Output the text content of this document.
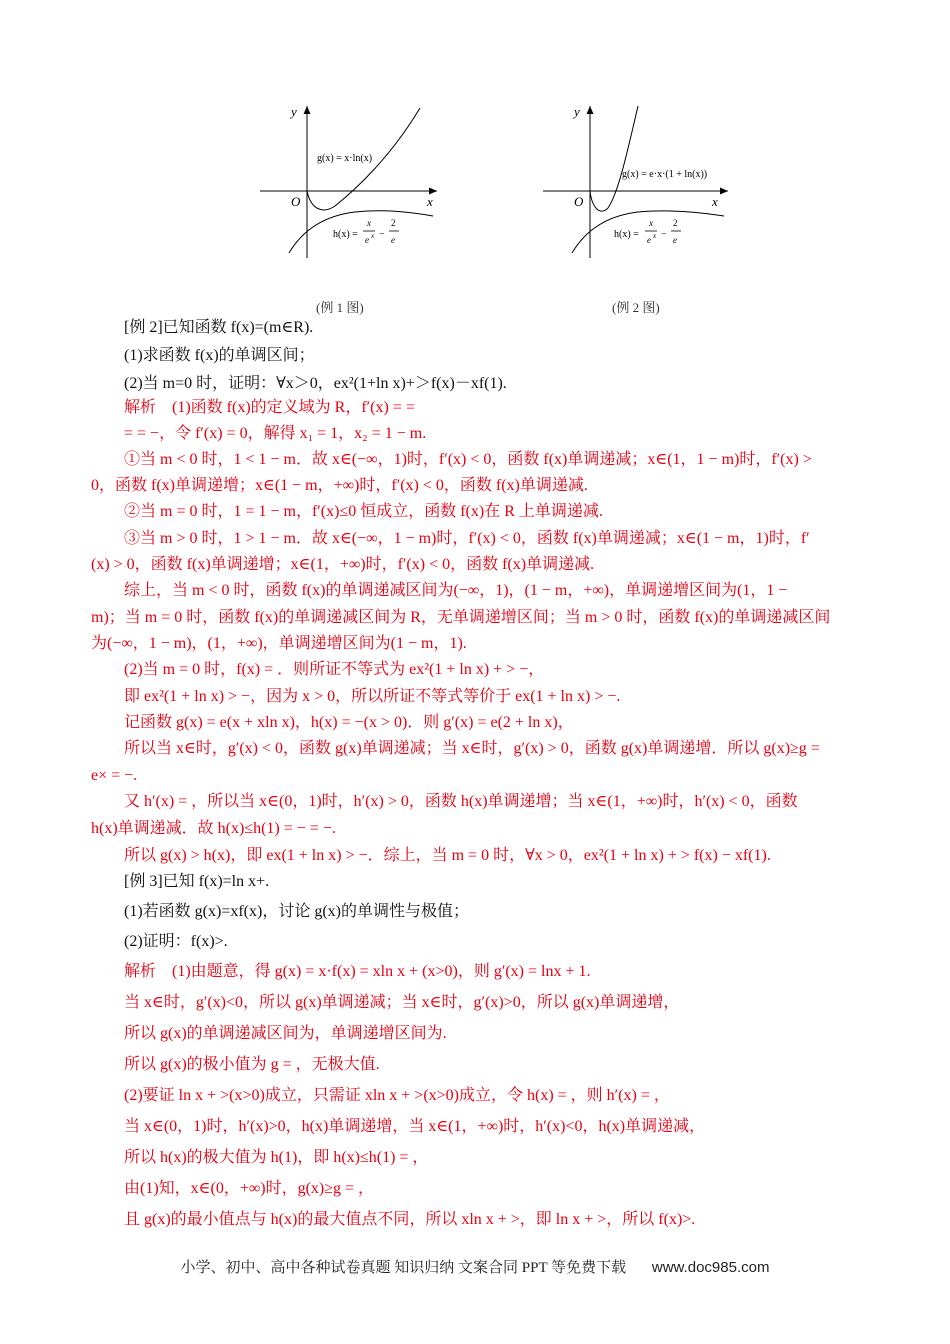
y
x
O
g(x) = x·ln(x)
h(x) =
x
e x −
2
e
(例 1 图)
y
x
O
g(x) = e·x·(1 + ln(x))
h(x) =
x
e x −
2
e
(例 2 图)
[例 2]已知函数 f(x)=(m∈R).
(1)求函数 f(x)的单调区间；
(2)当 m=0 时，证明：∀x＞0，ex²(1+ln x)+＞f(x)－xf(1).
解析　(1)函数 f(x)的定义域为 R，f′(x) = =
= = −，令 f′(x) = 0，解得 x₁ = 1，x₂ = 1 − m.
①当 m < 0 时，1 < 1 − m．故 x∈(−∞，1)时，f′(x) < 0，函数 f(x)单调递减；x∈(1，1 − m)时，f′(x) >
0，函数 f(x)单调递增；x∈(1 − m，+∞)时，f′(x) < 0，函数 f(x)单调递减.
②当 m = 0 时，1 = 1 − m，f′(x)≤0 恒成立，函数 f(x)在 R 上单调递减.
③当 m > 0 时，1 > 1 − m．故 x∈(−∞，1 − m)时，f′(x) < 0，函数 f(x)单调递减；x∈(1 − m，1)时，f′
(x) > 0，函数 f(x)单调递增；x∈(1，+∞)时，f′(x) < 0，函数 f(x)单调递减.
综上，当 m < 0 时，函数 f(x)的单调递减区间为(−∞，1)，(1 − m，+∞)，单调递增区间为(1，1 −
m)；当 m = 0 时，函数 f(x)的单调递减区间为 R，无单调递增区间；当 m > 0 时，函数 f(x)的单调递减区间
为(−∞，1 − m)，(1，+∞)，单调递增区间为(1 − m，1).
(2)当 m = 0 时，f(x) = ．则所证不等式为 ex²(1 + ln x) + > −，
即 ex²(1 + ln x) > −，因为 x > 0，所以所证不等式等价于 ex(1 + ln x) > −.
记函数 g(x) = e(x + xln x)，h(x) = −(x > 0)．则 g′(x) = e(2 + ln x)，
所以当 x∈时，g′(x) < 0，函数 g(x)单调递减；当 x∈时，g′(x) > 0，函数 g(x)单调递增．所以 g(x)≥g =
e× = −.
又 h′(x) = ，所以当 x∈(0，1)时，h′(x) > 0，函数 h(x)单调递增；当 x∈(1，+∞)时，h′(x) < 0，函数
h(x)单调递减．故 h(x)≤h(1) = − = −.
所以 g(x) > h(x)，即 ex(1 + ln x) > −．综上，当 m = 0 时，∀x > 0，ex²(1 + ln x) + > f(x) − xf(1).
[例 3]已知 f(x)=ln x+.
(1)若函数 g(x)=xf(x)，讨论 g(x)的单调性与极值；
(2)证明：f(x)>.
解析　(1)由题意，得 g(x) = x·f(x) = xln x + (x>0)，则 g′(x) = lnx + 1.
当 x∈时，g′(x)<0，所以 g(x)单调递减；当 x∈时，g′(x)>0，所以 g(x)单调递增，
所以 g(x)的单调递减区间为，单调递增区间为.
所以 g(x)的极小值为 g = ，无极大值.
(2)要证 ln x + >(x>0)成立，只需证 xln x + >(x>0)成立，令 h(x) = ，则 h′(x) = ，
当 x∈(0，1)时，h′(x)>0，h(x)单调递增，当 x∈(1，+∞)时，h′(x)<0，h(x)单调递减，
所以 h(x)的极大值为 h(1)，即 h(x)≤h(1) = ，
由(1)知，x∈(0，+∞)时，g(x)≥g = ，
且 g(x)的最小值点与 h(x)的最大值点不同，所以 xln x + >，即 ln x + >，所以 f(x)>.
小学、初中、高中各种试卷真题 知识归纳 文案合同 PPT 等免费下载 www.doc985.com
